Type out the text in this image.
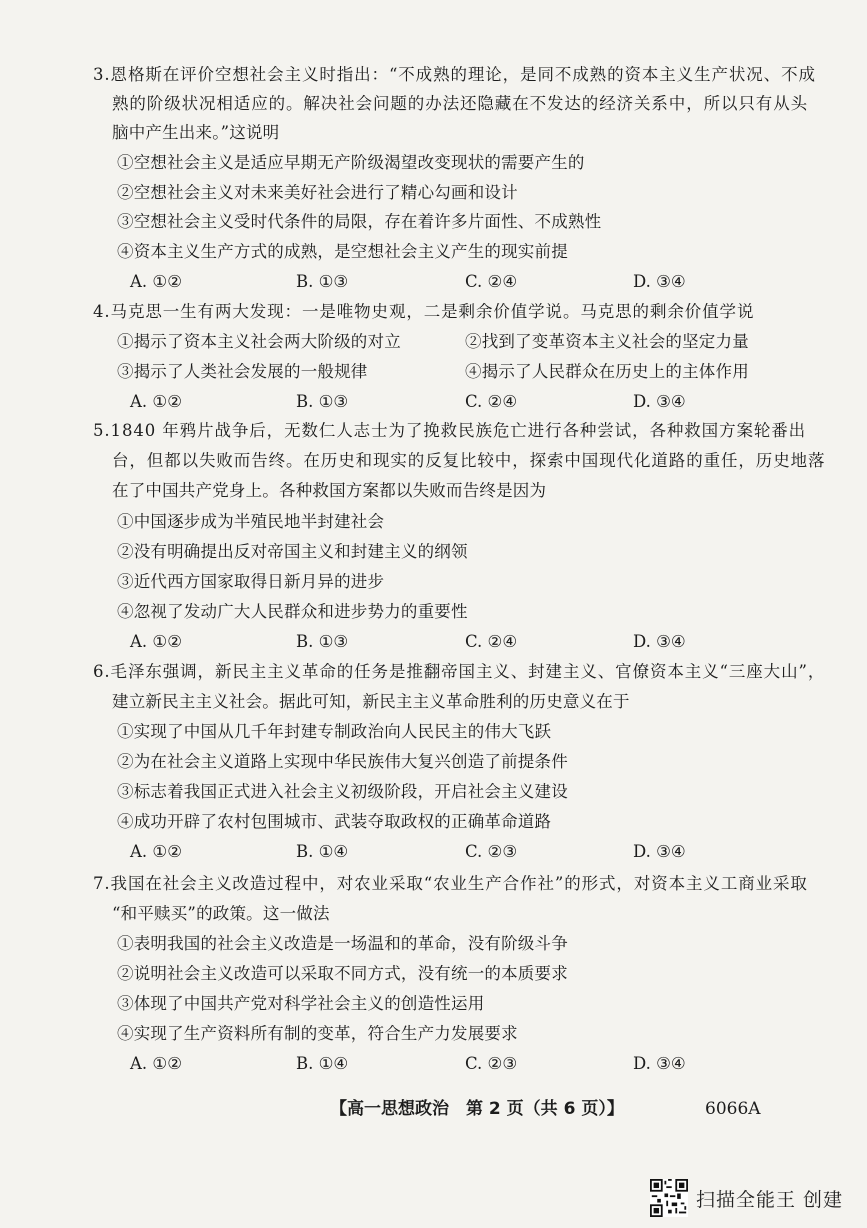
3.恩格斯在评价空想社会主义时指出：“不成熟的理论，是同不成熟的资本主义生产状况、不成
熟的阶级状况相适应的。解决社会问题的办法还隐藏在不发达的经济关系中，所以只有从头
脑中产生出来。”这说明
①空想社会主义是适应早期无产阶级渴望改变现状的需要产生的
②空想社会主义对未来美好社会进行了精心勾画和设计
③空想社会主义受时代条件的局限，存在着许多片面性、不成熟性
④资本主义生产方式的成熟，是空想社会主义产生的现实前提
A. ①②	B. ①③	C. ②④	D. ③④
4.马克思一生有两大发现：一是唯物史观，二是剩余价值学说。马克思的剩余价值学说
①揭示了资本主义社会两大阶级的对立	②找到了变革资本主义社会的坚定力量
③揭示了人类社会发展的一般规律	④揭示了人民群众在历史上的主体作用
A. ①②	B. ①③	C. ②④	D. ③④
5.1840 年鸦片战争后，无数仁人志士为了挽救民族危亡进行各种尝试，各种救国方案轮番出
台，但都以失败而告终。在历史和现实的反复比较中，探索中国现代化道路的重任，历史地落
在了中国共产党身上。各种救国方案都以失败而告终是因为
①中国逐步成为半殖民地半封建社会
②没有明确提出反对帝国主义和封建主义的纲领
③近代西方国家取得日新月异的进步
④忽视了发动广大人民群众和进步势力的重要性
A. ①②	B. ①③	C. ②④	D. ③④
6.毛泽东强调，新民主主义革命的任务是推翻帝国主义、封建主义、官僚资本主义“三座大山”，
建立新民主主义社会。据此可知，新民主主义革命胜利的历史意义在于
①实现了中国从几千年封建专制政治向人民民主的伟大飞跃
②为在社会主义道路上实现中华民族伟大复兴创造了前提条件
③标志着我国正式进入社会主义初级阶段，开启社会主义建设
④成功开辟了农村包围城市、武装夺取政权的正确革命道路
A. ①②	B. ①④	C. ②③	D. ③④
7.我国在社会主义改造过程中，对农业采取“农业生产合作社”的形式，对资本主义工商业采取
“和平赎买”的政策。这一做法
①表明我国的社会主义改造是一场温和的革命，没有阶级斗争
②说明社会主义改造可以采取不同方式，没有统一的本质要求
③体现了中国共产党对科学社会主义的创造性运用
④实现了生产资料所有制的变革，符合生产力发展要求
A. ①②	B. ①④	C. ②③	D. ③④
【高一思想政治　第 2 页（共 6 页）】	6066A
扫描全能王 创建
